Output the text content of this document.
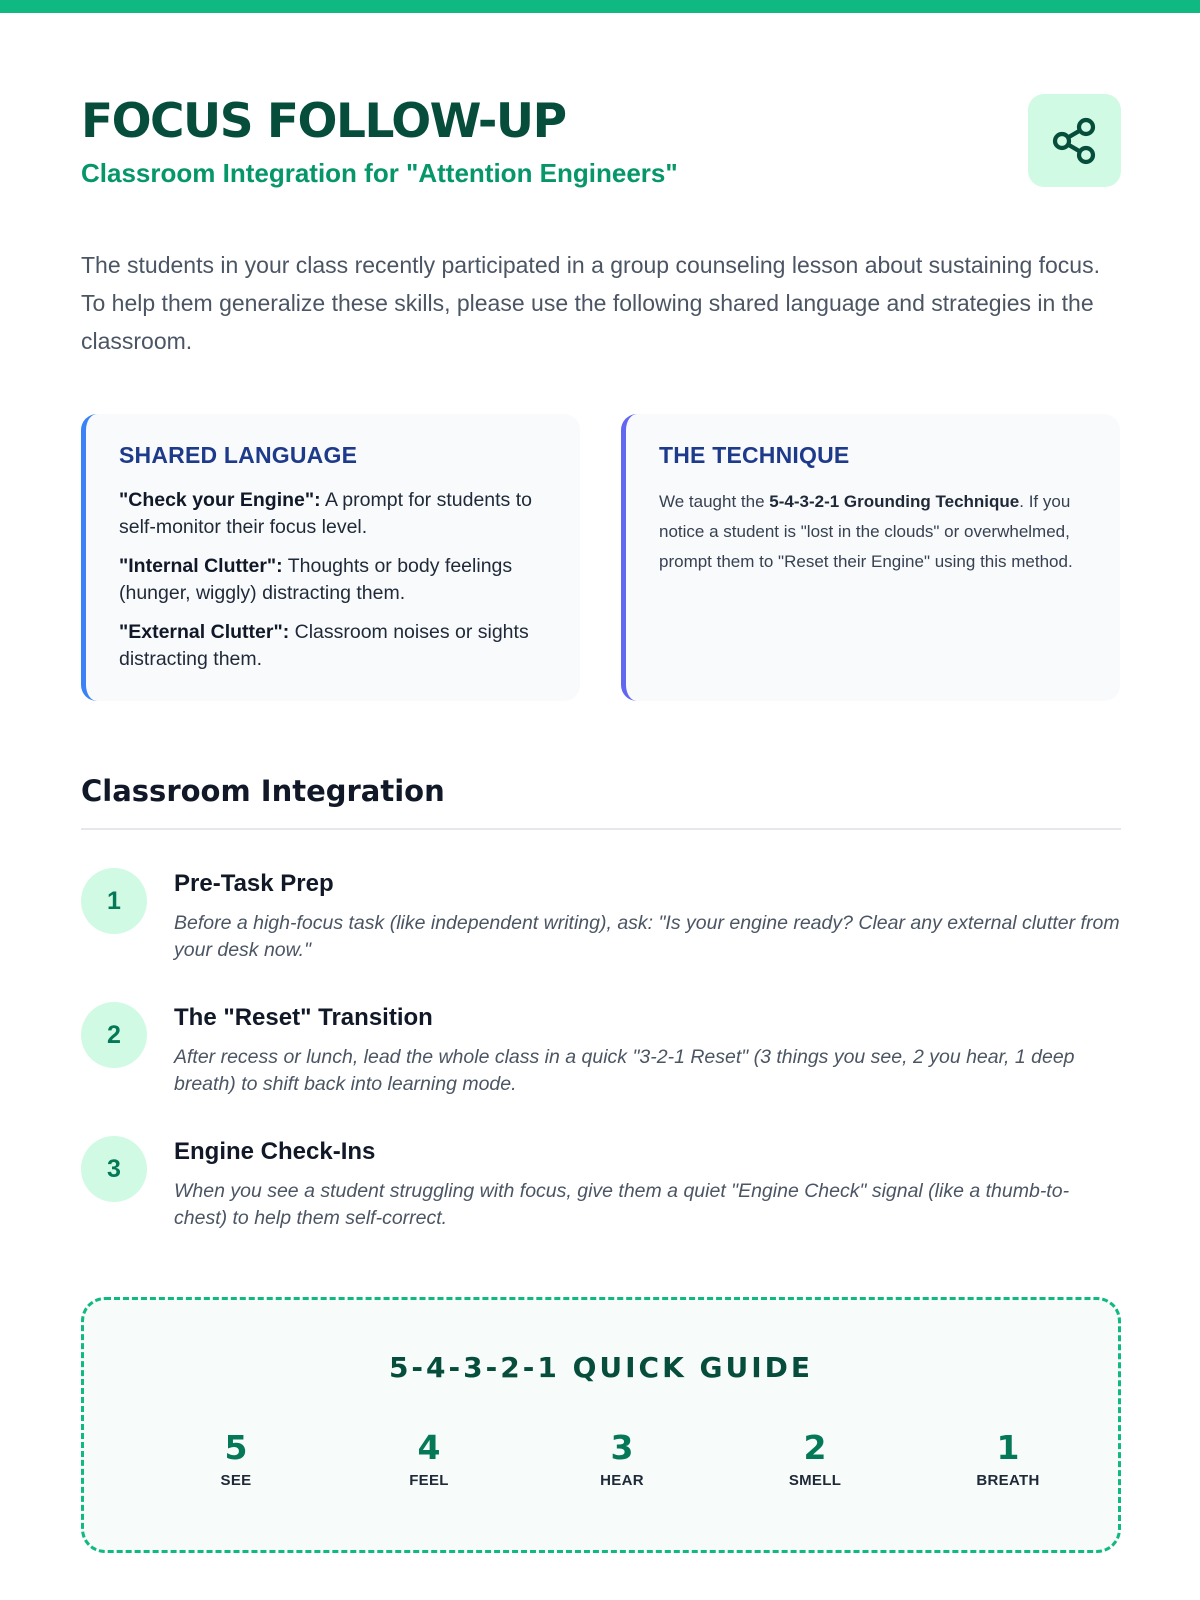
FOCUS FOLLOW-UP
Classroom Integration for "Attention Engineers"

The students in your class recently participated in a group counseling lesson about sustaining focus. To help them generalize these skills, please use the following shared language and strategies in the classroom.

SHARED LANGUAGE
"Check your Engine": A prompt for students to self-monitor their focus level.
"Internal Clutter": Thoughts or body feelings (hunger, wiggly) distracting them.
"External Clutter": Classroom noises or sights distracting them.
THE TECHNIQUE

We taught the 5-4-3-2-1 Grounding Technique. If you notice a student is "lost in the clouds" or overwhelmed, prompt them to "Reset their Engine" using this method.

Classroom Integration
1
Pre-Task Prep
Before a high-focus task (like independent writing), ask: "Is your engine ready? Clear any external clutter from your desk now."
2
The "Reset" Transition
After recess or lunch, lead the whole class in a quick "3-2-1 Reset" (3 things you see, 2 you hear, 1 deep breath) to shift back into learning mode.
3
Engine Check-Ins
When you see a student struggling with focus, give them a quiet "Engine Check" signal (like a thumb-to-chest) to help them self-correct.
5-4-3-2-1 QUICK GUIDE
5
SEE
4
FEEL
3
HEAR
2
SMELL
1
BREATH
